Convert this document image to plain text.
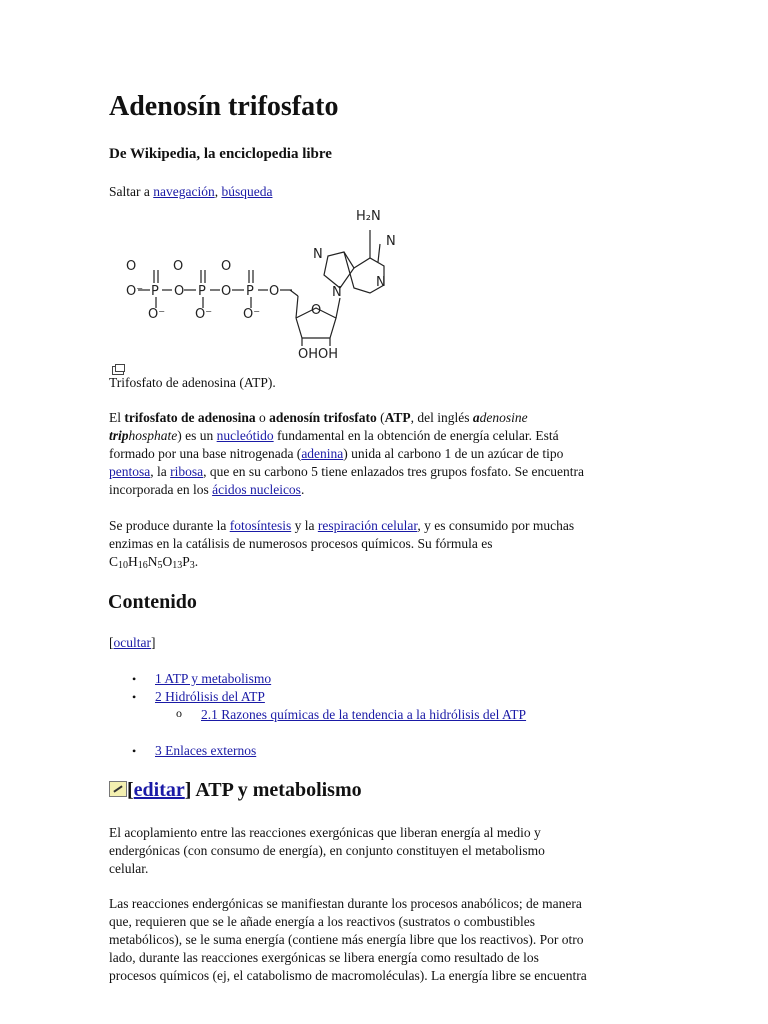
Adenosín trifosfato
De Wikipedia, la enciclopedia libre
Saltar a navegación, búsqueda
O	O	O
O⁻ P	P	P
O	O	O
O⁻ O⁻ O⁻
H₂N
N
N
N
N
O
OHOH
Trifosfato de adenosina (ATP).
El trifosfato de adenosina o adenosín trifosfato (ATP, del inglés adenosine
triphosphate) es un nucleótido fundamental en la obtención de energía celular. Está
formado por una base nitrogenada (adenina) unida al carbono 1 de un azúcar de tipo
pentosa, la ribosa, que en su carbono 5 tiene enlazados tres grupos fosfato. Se encuentra
incorporada en los ácidos nucleicos.
Se produce durante la fotosíntesis y la respiración celular, y es consumido por muchas
enzimas en la catálisis de numerosos procesos químicos. Su fórmula es
$C_{10}H_{16}N_5O_{13}P_3$.
Contenido
[ocultar]
• 1 ATP y metabolismo
• 2 Hidrólisis del ATP
o 2.1 Razones químicas de la tendencia a la hidrólisis del ATP
• 3 Enlaces externos
[editar] ATP y metabolismo
El acoplamiento entre las reacciones exergónicas que liberan energía al medio y
endergónicas (con consumo de energía), en conjunto constituyen el metabolismo
celular.
Las reacciones endergónicas se manifiestan durante los procesos anabólicos; de manera
que, requieren que se le añade energía a los reactivos (sustratos o combustibles
metabólicos), se le suma energía (contiene más energía libre que los reactivos). Por otro
lado, durante las reacciones exergónicas se libera energía como resultado de los
procesos químicos (ej, el catabolismo de macromoléculas). La energía libre se encuentra
